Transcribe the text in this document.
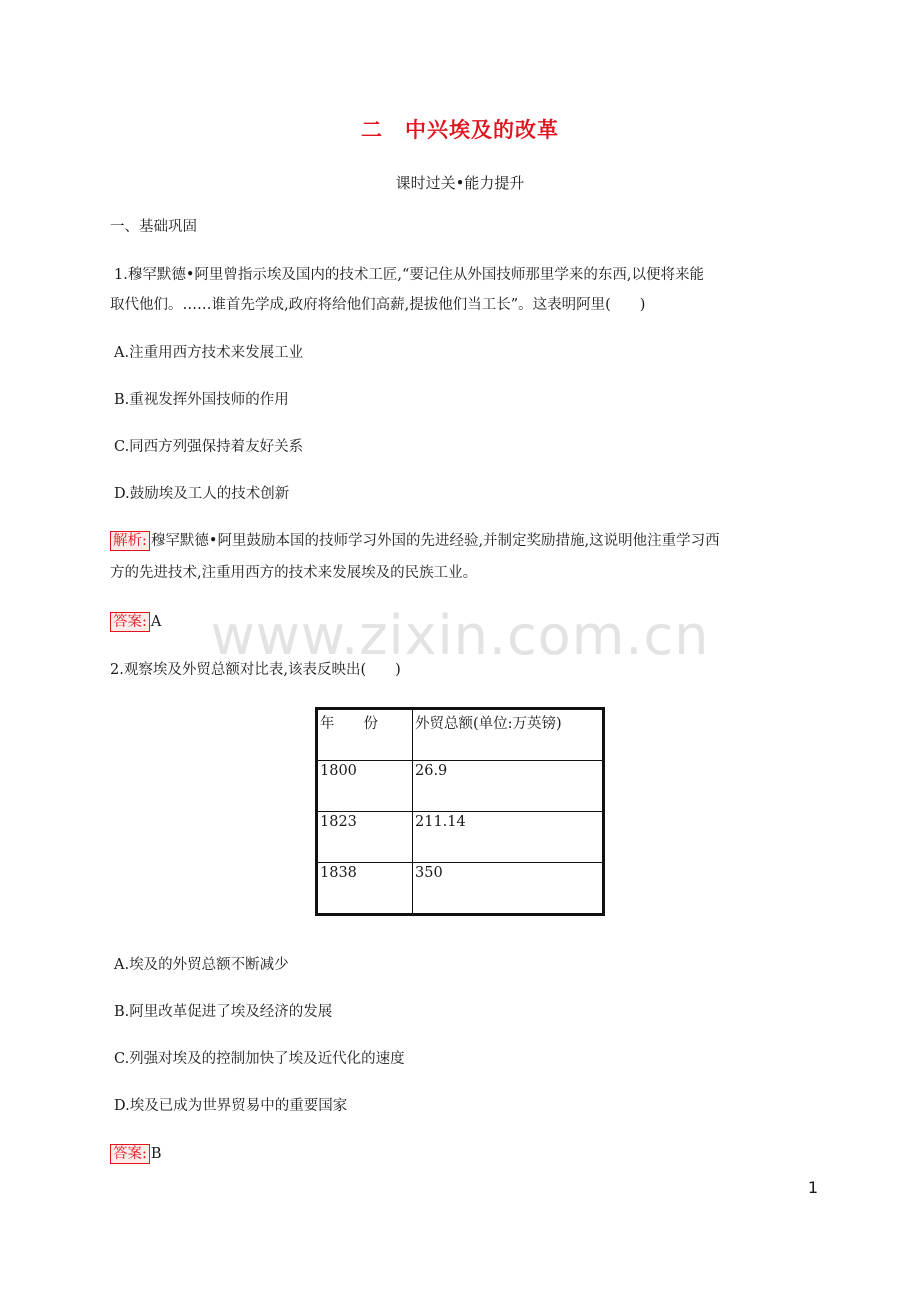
二　中兴埃及的改革
课时过关•能力提升
一、基础巩固
1.穆罕默德•阿里曾指示埃及国内的技术工匠,“要记住从外国技师那里学来的东西,以便将来能
取代他们。……谁首先学成,政府将给他们高薪,提拔他们当工长”。这表明阿里(　　)
A.注重用西方技术来发展工业
B.重视发挥外国技师的作用
C.同西方列强保持着友好关系
D.鼓励埃及工人的技术创新
解析: 穆罕默德•阿里鼓励本国的技师学习外国的先进经验,并制定奖励措施,这说明他注重学习西
方的先进技术,注重用西方的技术来发展埃及的民族工业。
答案: A www.zixin.com.cn
2.观察埃及外贸总额对比表,该表反映出(　　)
年　　份	外贸总额(单位:万英镑)
1800	26.9
1823	211.14
1838	350
A.埃及的外贸总额不断减少
B.阿里改革促进了埃及经济的发展
C.列强对埃及的控制加快了埃及近代化的速度
D.埃及已成为世界贸易中的重要国家
答案: B
1
